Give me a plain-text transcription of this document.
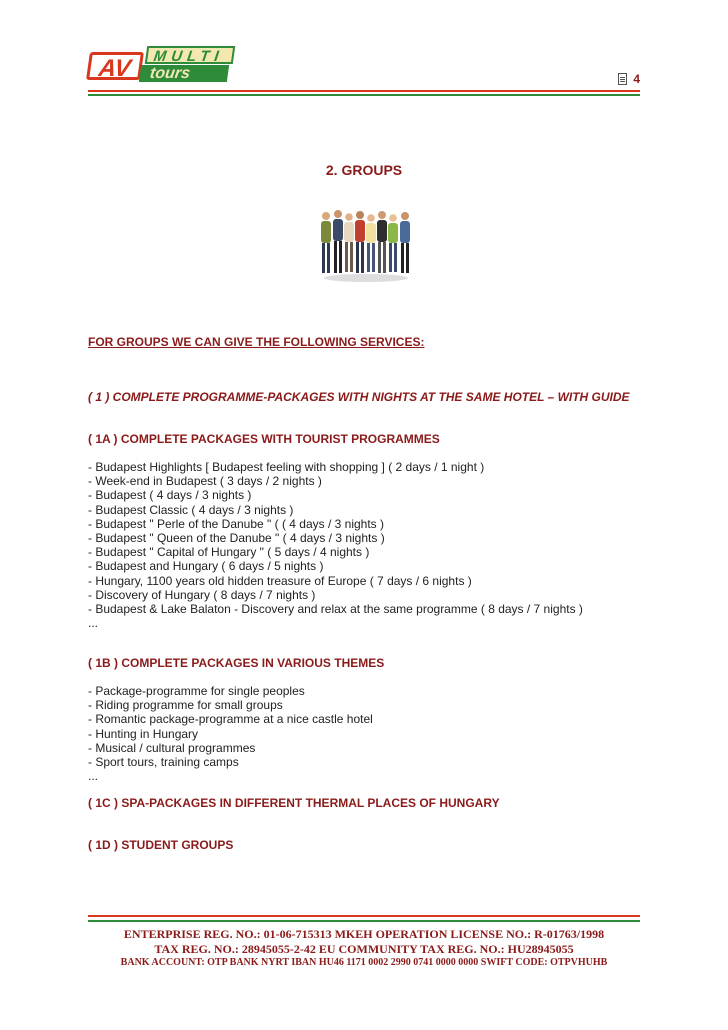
AV	MULTI
tours	4
2. GROUPS
FOR GROUPS WE CAN GIVE THE FOLLOWING SERVICES:
( 1 ) COMPLETE PROGRAMME-PACKAGES WITH NIGHTS AT THE SAME HOTEL – WITH GUIDE
( 1A ) COMPLETE PACKAGES WITH TOURIST PROGRAMMES
- Budapest Highlights [ Budapest feeling with shopping ] ( 2 days / 1 night )
- Week-end in Budapest ( 3 days / 2 nights )
- Budapest ( 4 days / 3 nights )
- Budapest Classic ( 4 days / 3 nights )
- Budapest " Perle of the Danube " ( ( 4 days / 3 nights )
- Budapest " Queen of the Danube " ( 4 days / 3 nights )
- Budapest " Capital of Hungary " ( 5 days / 4 nights )
- Budapest and Hungary ( 6 days / 5 nights )
- Hungary, 1100 years old hidden treasure of Europe ( 7 days / 6 nights )
- Discovery of Hungary ( 8 days / 7 nights )
- Budapest & Lake Balaton - Discovery and relax at the same programme ( 8 days / 7 nights )
...
( 1B ) COMPLETE PACKAGES IN VARIOUS THEMES
- Package-programme for single peoples
- Riding programme for small groups
- Romantic package-programme at a nice castle hotel
- Hunting in Hungary
- Musical / cultural programmes
- Sport tours, training camps
...
( 1C ) SPA-PACKAGES IN DIFFERENT THERMAL PLACES OF HUNGARY
( 1D ) STUDENT GROUPS
ENTERPRISE REG. NO.: 01-06-715313 MKEH OPERATION LICENSE NO.: R-01763/1998
TAX REG. NO.: 28945055-2-42 EU COMMUNITY TAX REG. NO.: HU28945055
BANK ACCOUNT: OTP BANK NYRT IBAN HU46 1171 0002 2990 0741 0000 0000 SWIFT CODE: OTPVHUHB
